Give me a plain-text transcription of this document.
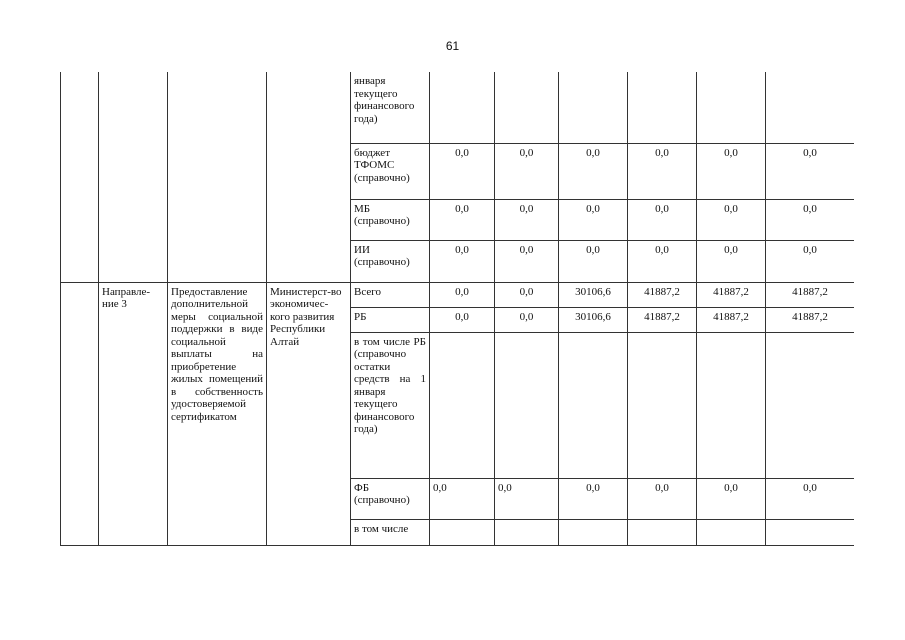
61
				января текущего финансового года)						
				бюджет ТФОМС (справочно)	0,0	0,0	0,0	0,0	0,0	0,0
				МБ (справочно)	0,0	0,0	0,0	0,0	0,0	0,0
				ИИ (справочно)	0,0	0,0	0,0	0,0	0,0	0,0
	Направле-ние 3	Предоставление дополнительной меры социальной поддержки в виде социальной выплаты на приобретение жилых помещений в собственность удостоверяемой сертификатом	Министерст-во экономичес-кого развития Республики Алтай	Всего	0,0	0,0	30106,6	41887,2	41887,2	41887,2
				РБ	0,0	0,0	30106,6	41887,2	41887,2	41887,2
				в том числе РБ (справочно остатки средств на 1 января текущего финансового года)						
				ФБ (справочно)	0,0	0,0	0,0	0,0	0,0	0,0
				в том числе						
